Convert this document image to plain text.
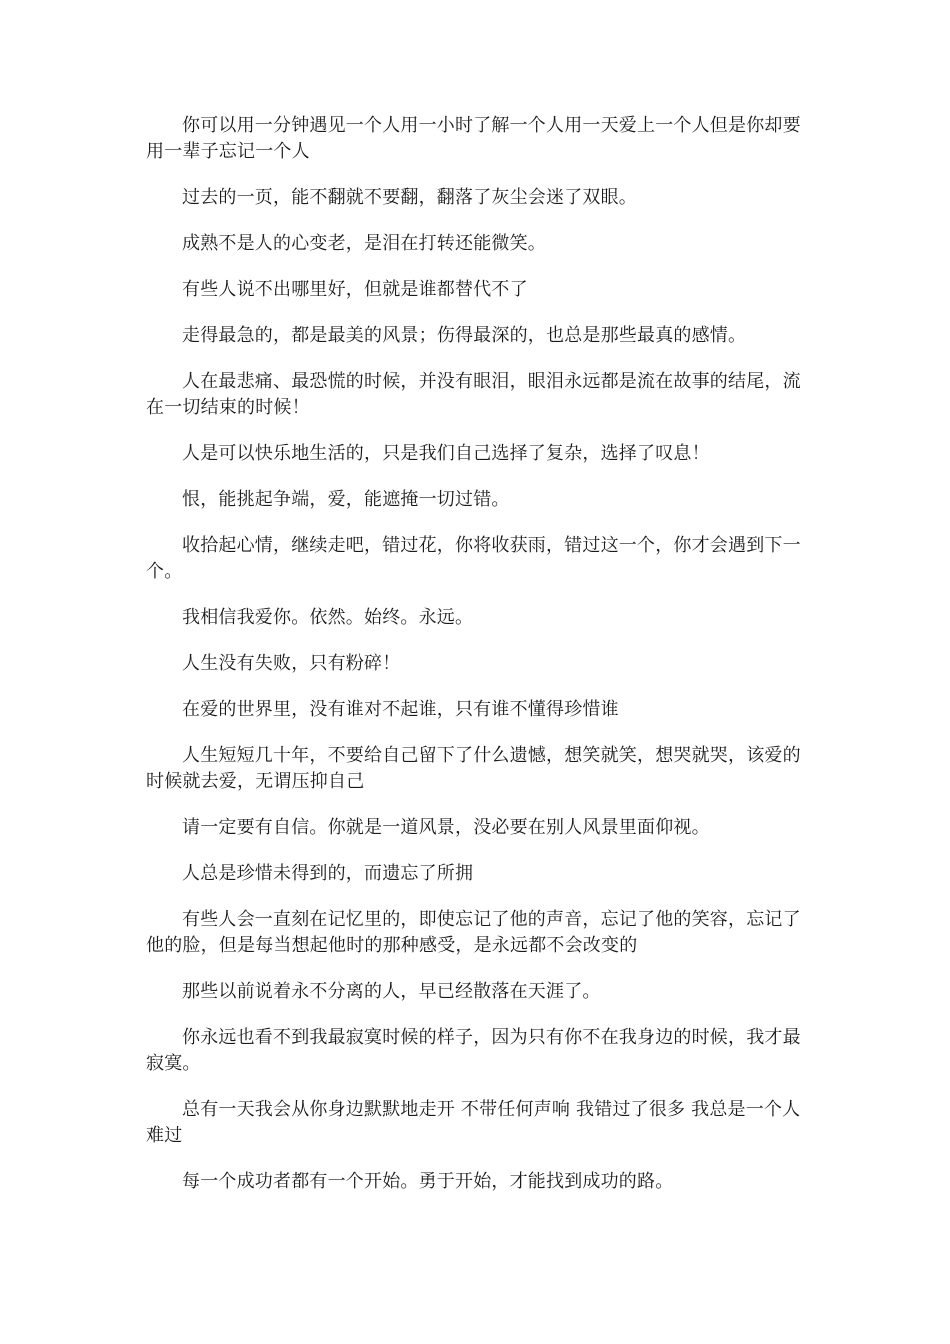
你可以用一分钟遇见一个人用一小时了解一个人用一天爱上一个人但是你却要用一辈子忘记一个人

过去的一页，能不翻就不要翻，翻落了灰尘会迷了双眼。

成熟不是人的心变老，是泪在打转还能微笑。

有些人说不出哪里好，但就是谁都替代不了

走得最急的，都是最美的风景；伤得最深的，也总是那些最真的感情。

人在最悲痛、最恐慌的时候，并没有眼泪，眼泪永远都是流在故事的结尾，流在一切结束的时候！

人是可以快乐地生活的，只是我们自己选择了复杂，选择了叹息！

恨，能挑起争端，爱，能遮掩一切过错。

收拾起心情，继续走吧，错过花，你将收获雨，错过这一个，你才会遇到下一个。

我相信我爱你。依然。始终。永远。

人生没有失败，只有粉碎！

在爱的世界里，没有谁对不起谁，只有谁不懂得珍惜谁

人生短短几十年，不要给自己留下了什么遗憾，想笑就笑，想哭就哭，该爱的时候就去爱，无谓压抑自己

请一定要有自信。你就是一道风景，没必要在别人风景里面仰视。

人总是珍惜未得到的，而遗忘了所拥

有些人会一直刻在记忆里的，即使忘记了他的声音，忘记了他的笑容，忘记了他的脸，但是每当想起他时的那种感受，是永远都不会改变的

那些以前说着永不分离的人，早已经散落在天涯了。

你永远也看不到我最寂寞时候的样子，因为只有你不在我身边的时候，我才最寂寞。

总有一天我会从你身边默默地走开 不带任何声响 我错过了很多 我总是一个人难过

每一个成功者都有一个开始。勇于开始，才能找到成功的路。
